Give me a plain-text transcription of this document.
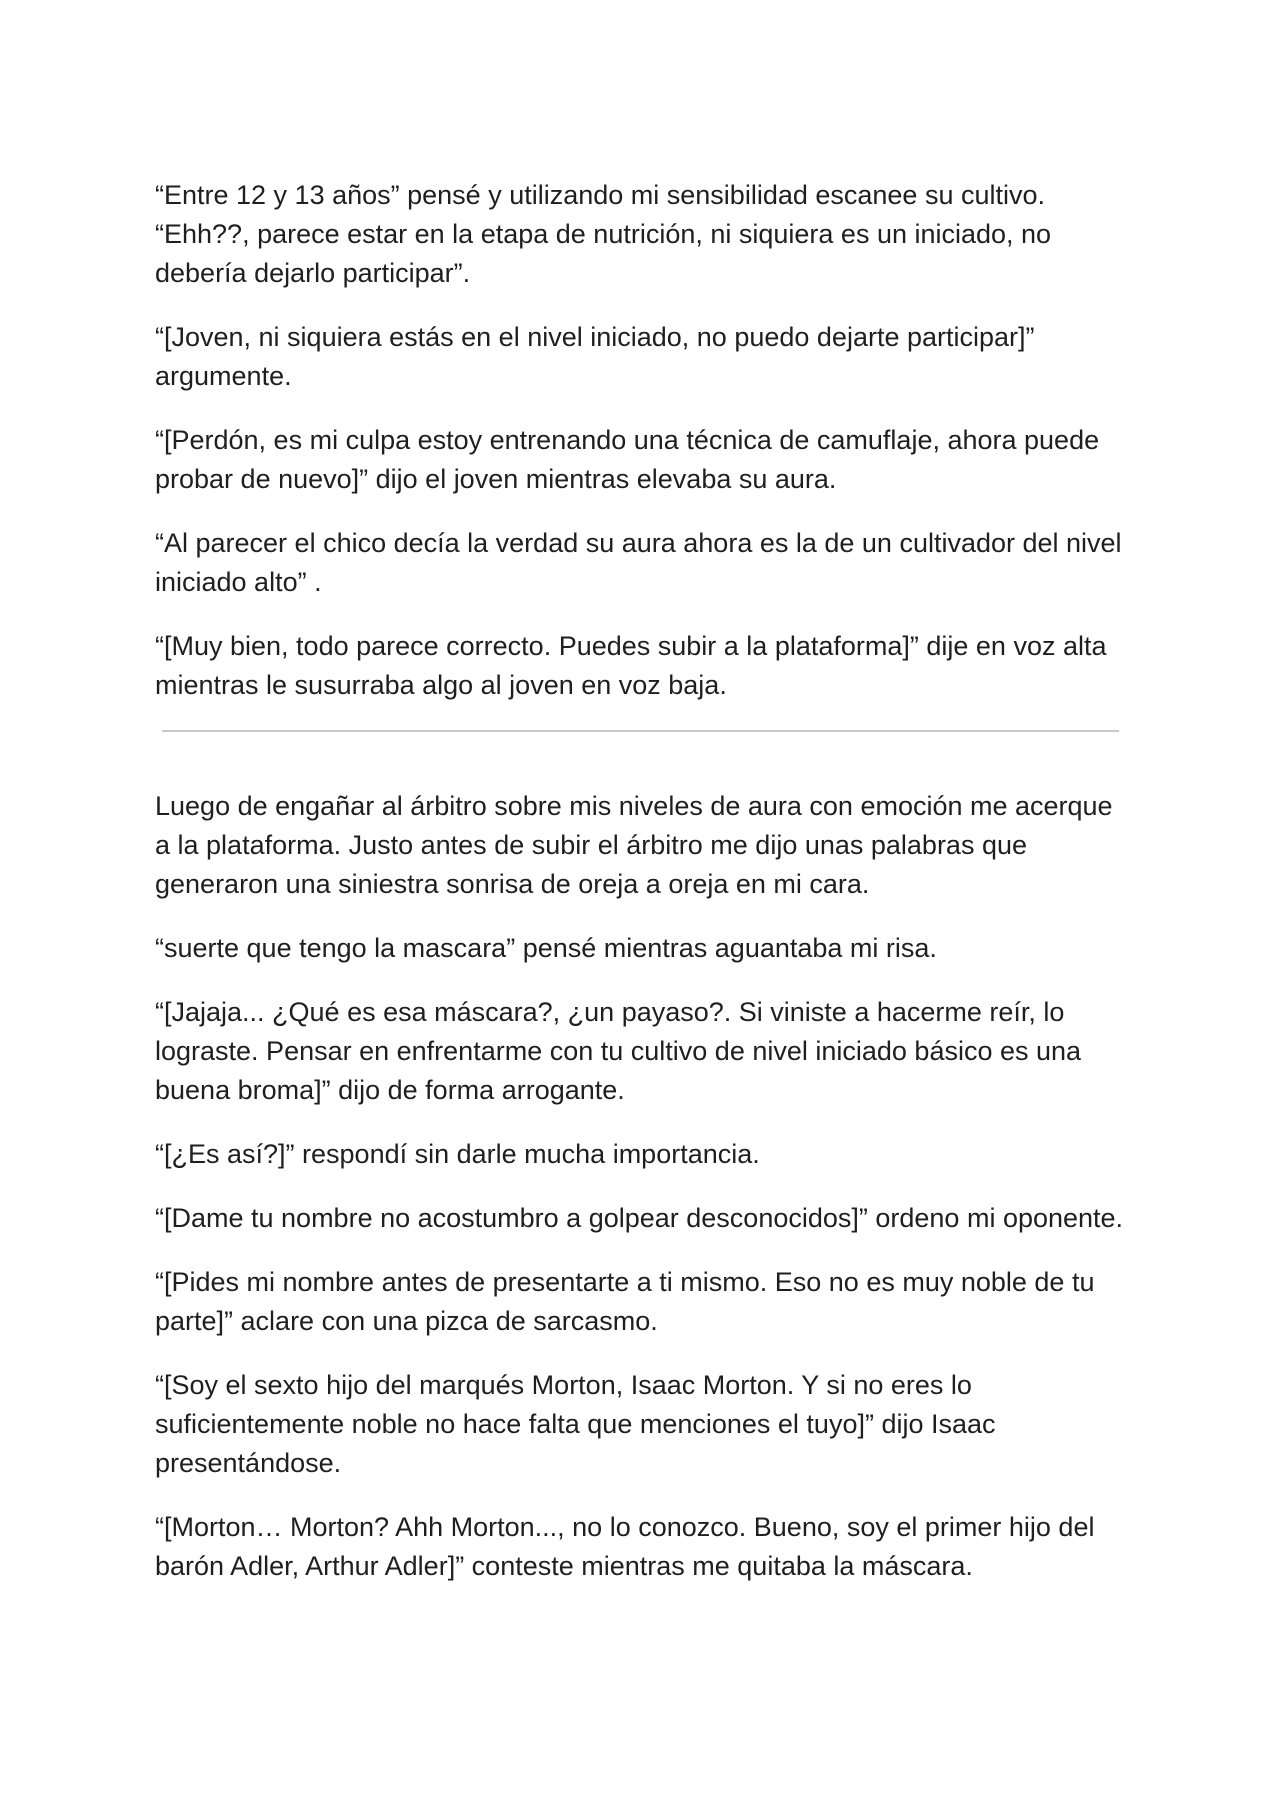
“Entre 12 y 13 años” pensé y utilizando mi sensibilidad escanee su cultivo. “Ehh??, parece estar en la etapa de nutrición, ni siquiera es un iniciado, no debería dejarlo participar”.

“[Joven, ni siquiera estás en el nivel iniciado, no puedo dejarte participar]” argumente.

“[Perdón, es mi culpa estoy entrenando una técnica de camuflaje, ahora puede probar de nuevo]” dijo el joven mientras elevaba su aura.

“Al parecer el chico decía la verdad su aura ahora es la de un cultivador del nivel iniciado alto” .

“[Muy bien, todo parece correcto. Puedes subir a la plataforma]” dije en voz alta mientras le susurraba algo al joven en voz baja.

Luego de engañar al árbitro sobre mis niveles de aura con emoción me acerque a la plataforma. Justo antes de subir el árbitro me dijo unas palabras que generaron una siniestra sonrisa de oreja a oreja en mi cara.

“suerte que tengo la mascara” pensé mientras aguantaba mi risa.

“[Jajaja... ¿Qué es esa máscara?, ¿un payaso?. Si viniste a hacerme reír, lo lograste. Pensar en enfrentarme con tu cultivo de nivel iniciado básico es una buena broma]” dijo de forma arrogante.

“[¿Es así?]” respondí sin darle mucha importancia.

“[Dame tu nombre no acostumbro a golpear desconocidos]” ordeno mi oponente.

“[Pides mi nombre antes de presentarte a ti mismo. Eso no es muy noble de tu parte]” aclare con una pizca de sarcasmo.

“[Soy el sexto hijo del marqués Morton, Isaac Morton. Y si no eres lo suficientemente noble no hace falta que menciones el tuyo]” dijo Isaac presentándose.

“[Morton… Morton? Ahh Morton..., no lo conozco. Bueno, soy el primer hijo del barón Adler, Arthur Adler]” conteste mientras me quitaba la máscara.
